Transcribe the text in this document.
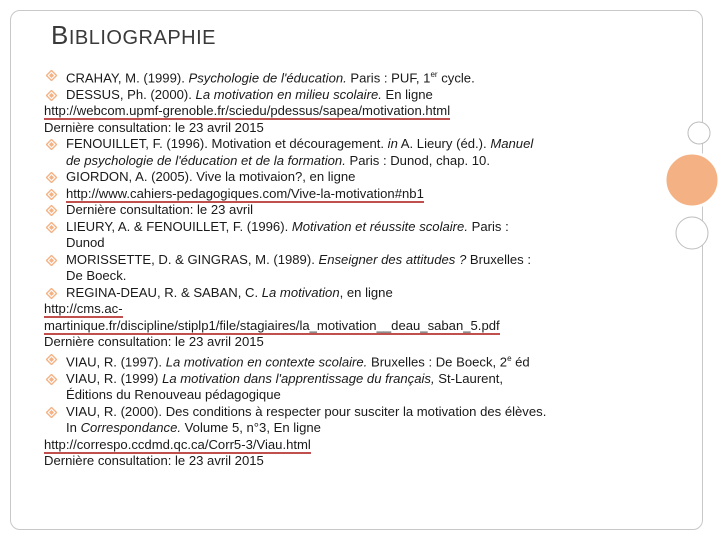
BIBLIOGRAPHIE
CRAHAY, M. (1999). Psychologie de l'éducation. Paris : PUF, 1er cycle.
DESSUS, Ph. (2000). La motivation en milieu scolaire. En ligne
http://webcom.upmf-grenoble.fr/sciedu/pdessus/sapea/motivation.html
Dernière consultation: le 23 avril 2015
FENOUILLET, F. (1996). Motivation et découragement. in A. Lieury (éd.). Manuel
de psychologie de l'éducation et de la formation. Paris : Dunod, chap. 10.
GIORDON, A. (2005). Vive la motivaion?, en ligne
http://www.cahiers-pedagogiques.com/Vive-la-motivation#nb1
Dernière consultation: le 23 avril
LIEURY, A. & FENOUILLET, F. (1996). Motivation et réussite scolaire. Paris :
Dunod
MORISSETTE, D. & GINGRAS, M. (1989). Enseigner des attitudes ? Bruxelles :
De Boeck.
REGINA-DEAU, R. & SABAN, C. La motivation, en ligne
http://cms.ac-
martinique.fr/discipline/stiplp1/file/stagiaires/la_motivation__deau_saban_5.pdf
Dernière consultation: le 23 avril 2015
VIAU, R. (1997). La motivation en contexte scolaire. Bruxelles : De Boeck, 2e éd
VIAU, R. (1999) La motivation dans l'apprentissage du français, St-Laurent,
Éditions du Renouveau pédagogique
VIAU, R. (2000). Des conditions à respecter pour susciter la motivation des élèves.
In Correspondance. Volume 5, n°3, En ligne
http://correspo.ccdmd.qc.ca/Corr5-3/Viau.html
Dernière consultation: le 23 avril 2015
